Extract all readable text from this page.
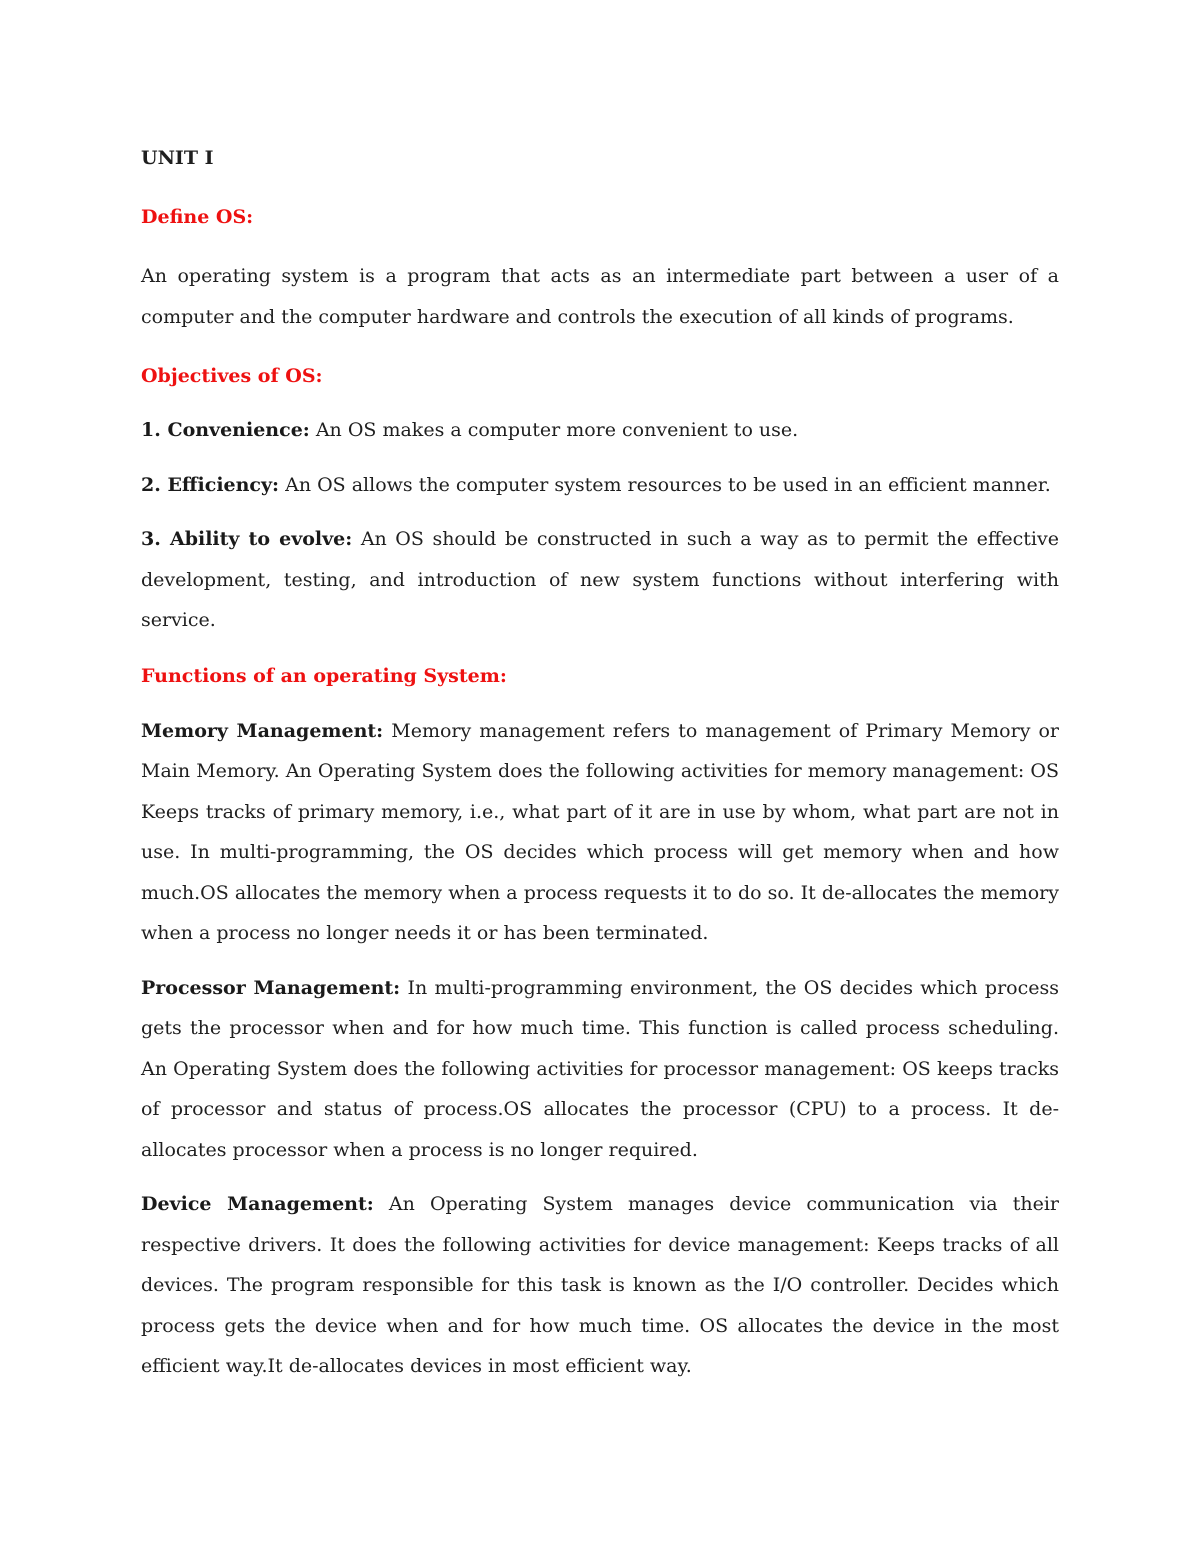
UNIT I
Define OS:

An operating system is a program that acts as an intermediate part between a user of a computer and the computer hardware and controls the execution of all kinds of programs.

Objectives of OS:

1. Convenience: An OS makes a computer more convenient to use.

2. Efficiency: An OS allows the computer system resources to be used in an efficient manner.

3. Ability to evolve: An OS should be constructed in such a way as to permit the effective development, testing, and introduction of new system functions without interfering with service.

Functions of an operating System:

Memory Management: Memory management refers to management of Primary Memory or Main Memory. An Operating System does the following activities for memory management: OS Keeps tracks of primary memory, i.e., what part of it are in use by whom, what part are not in use. In multi-programming, the OS decides which process will get memory when and how much.OS allocates the memory when a process requests it to do so. It de-allocates the memory when a process no longer needs it or has been terminated.

Processor Management: In multi-programming environment, the OS decides which process gets the processor when and for how much time. This function is called process scheduling. An Operating System does the following activities for processor management: OS keeps tracks of processor and status of process.OS allocates the processor (CPU) to a process. It de-allocates processor when a process is no longer required.

Device Management: An Operating System manages device communication via their respective drivers. It does the following activities for device management: Keeps tracks of all devices. The program responsible for this task is known as the I/O controller. Decides which process gets the device when and for how much time. OS allocates the device in the most efficient way.It de-allocates devices in most efficient way.
